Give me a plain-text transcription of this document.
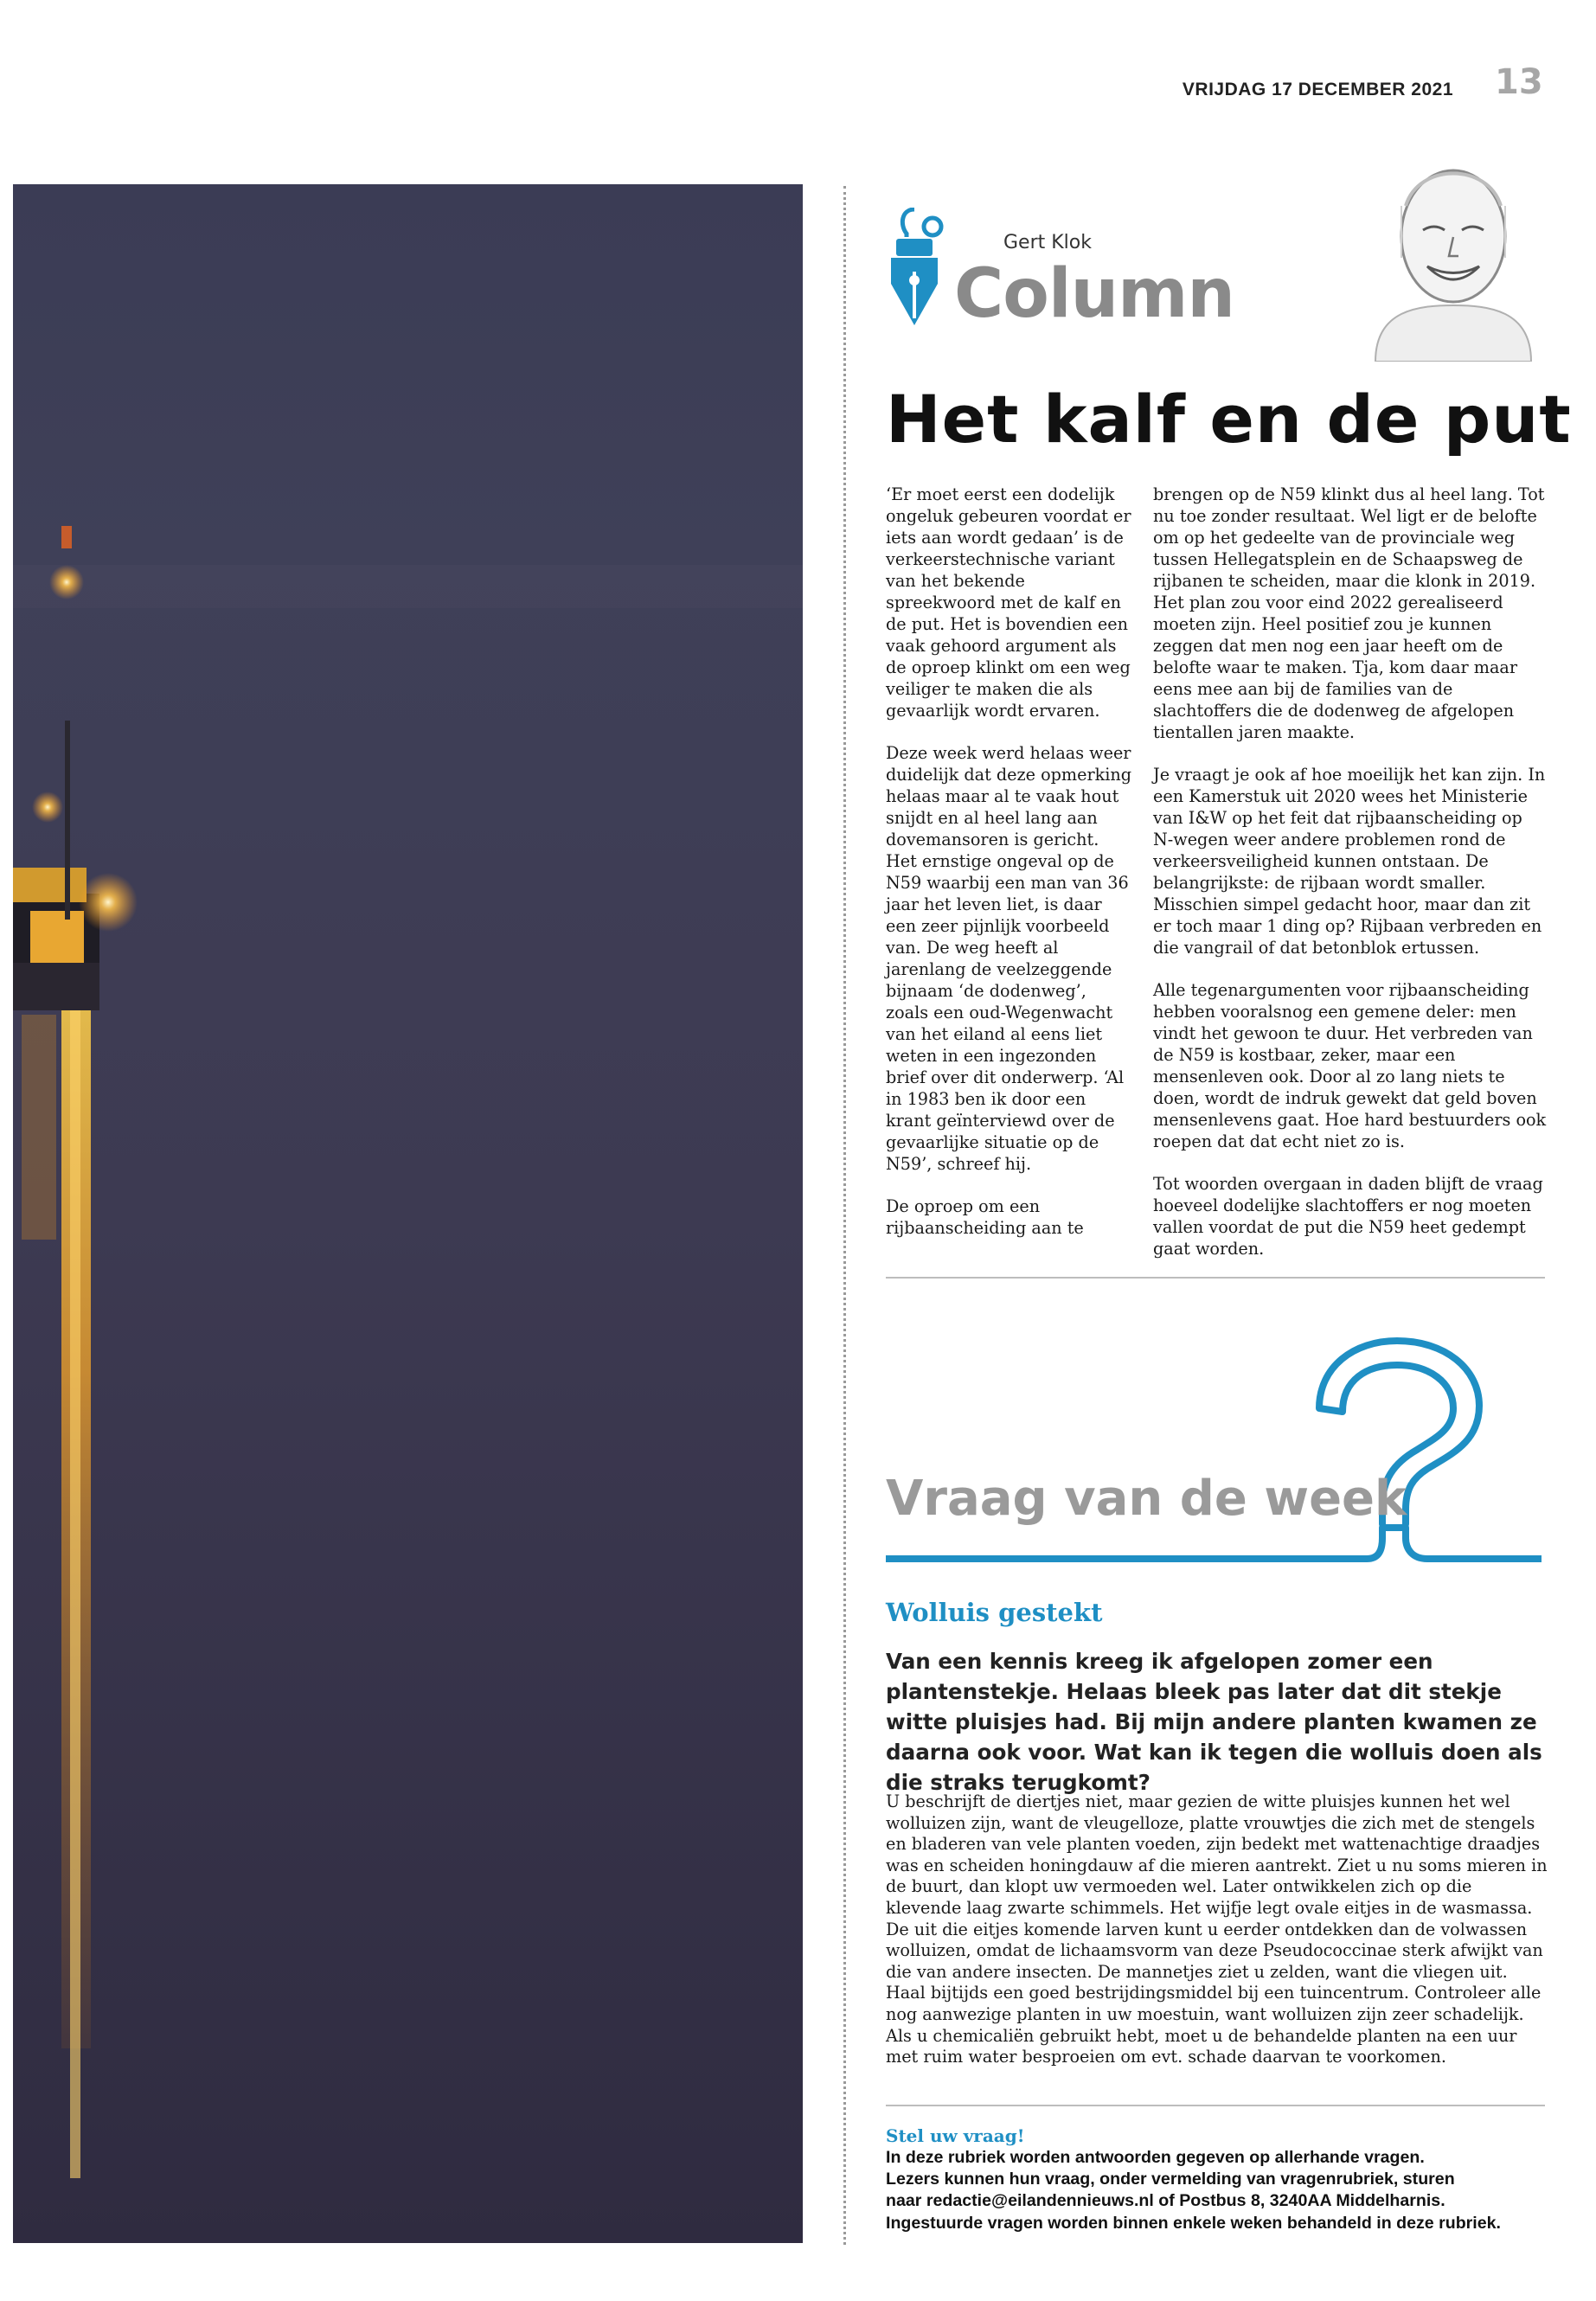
VRIJDAG 17 DECEMBER 2021 13
Gert Klok
Column
Het kalf en de put

‘Er moet eerst een dodelijk ongeluk gebeuren voordat er iets aan wordt gedaan’ is de verkeerstechnische variant van het bekende spreekwoord met de kalf en de put. Het is bovendien een vaak gehoord argument als de oproep klinkt om een weg veiliger te maken die als gevaarlijk wordt ervaren.

Deze week werd helaas weer duidelijk dat deze opmerking helaas maar al te vaak hout snijdt en al heel lang aan dovemansoren is gericht. Het ernstige ongeval op de N59 waarbij een man van 36 jaar het leven liet, is daar een zeer pijnlijk voorbeeld van. De weg heeft al jarenlang de veelzeggende bijnaam ‘de dodenweg’, zoals een oud-Wegenwacht van het eiland al eens liet weten in een ingezonden brief over dit onderwerp. ‘Al in 1983 ben ik door een krant geïnterviewd over de gevaarlijke situatie op de N59’, schreef hij.

De oproep om een rijbaanscheiding aan te

brengen op de N59 klinkt dus al heel lang. Tot nu toe zonder resultaat. Wel ligt er de belofte om op het gedeelte van de provinciale weg tussen Hellegatsplein en de Schaapsweg de rijbanen te scheiden, maar die klonk in 2019. Het plan zou voor eind 2022 gerealiseerd moeten zijn. Heel positief zou je kunnen zeggen dat men nog een jaar heeft om de belofte waar te maken. Tja, kom daar maar eens mee aan bij de families van de slachtoffers die de dodenweg de afgelopen tientallen jaren maakte.

Je vraagt je ook af hoe moeilijk het kan zijn. In een Kamerstuk uit 2020 wees het Ministerie van I&W op het feit dat rijbaanscheiding op N-wegen weer andere problemen rond de verkeersveiligheid kunnen ontstaan. De belangrijkste: de rijbaan wordt smaller. Misschien simpel gedacht hoor, maar dan zit er toch maar 1 ding op? Rijbaan verbreden en die vangrail of dat betonblok ertussen.

Alle tegenargumenten voor rijbaanscheiding hebben vooralsnog een gemene deler: men vindt het gewoon te duur. Het verbreden van de N59 is kostbaar, zeker, maar een mensenleven ook. Door al zo lang niets te doen, wordt de indruk gewekt dat geld boven mensenlevens gaat. Hoe hard bestuurders ook roepen dat dat echt niet zo is.

Tot woorden overgaan in daden blijft de vraag hoeveel dodelijke slachtoffers er nog moeten vallen voordat de put die N59 heet gedempt gaat worden.

Vraag van de week
Wolluis gestekt
Van een kennis kreeg ik afgelopen zomer een plantenstekje. Helaas bleek pas later dat dit stekje witte pluisjes had. Bij mijn andere planten kwamen ze daarna ook voor. Wat kan ik tegen die wolluis doen als die straks terugkomt?
U beschrijft de diertjes niet, maar gezien de witte pluisjes kunnen het wel wolluizen zijn, want de vleugelloze, platte vrouwtjes die zich met de stengels en bladeren van vele planten voeden, zijn bedekt met wattenachtige draadjes was en scheiden honingdauw af die mieren aantrekt. Ziet u nu soms mieren in de buurt, dan klopt uw vermoeden wel. Later ontwikkelen zich op die klevende laag zwarte schimmels. Het wijfje legt ovale eitjes in de wasmassa. De uit die eitjes komende larven kunt u eerder ontdekken dan de volwassen wolluizen, omdat de lichaamsvorm van deze Pseudococcinae sterk afwijkt van die van andere insecten. De mannetjes ziet u zelden, want die vliegen uit. Haal bijtijds een goed bestrijdingsmiddel bij een tuincentrum. Controleer alle nog aanwezige planten in uw moestuin, want wolluizen zijn zeer schadelijk. Als u chemicaliën gebruikt hebt, moet u de behandelde planten na een uur met ruim water besproeien om evt. schade daarvan te voorkomen.
Stel uw vraag!
In deze rubriek worden antwoorden gegeven op allerhande vragen.
Lezers kunnen hun vraag, onder vermelding van vragenrubriek, sturen
naar redactie@eilandennieuws.nl of Postbus 8, 3240AA Middelharnis.
Ingestuurde vragen worden binnen enkele weken behandeld in deze rubriek.
